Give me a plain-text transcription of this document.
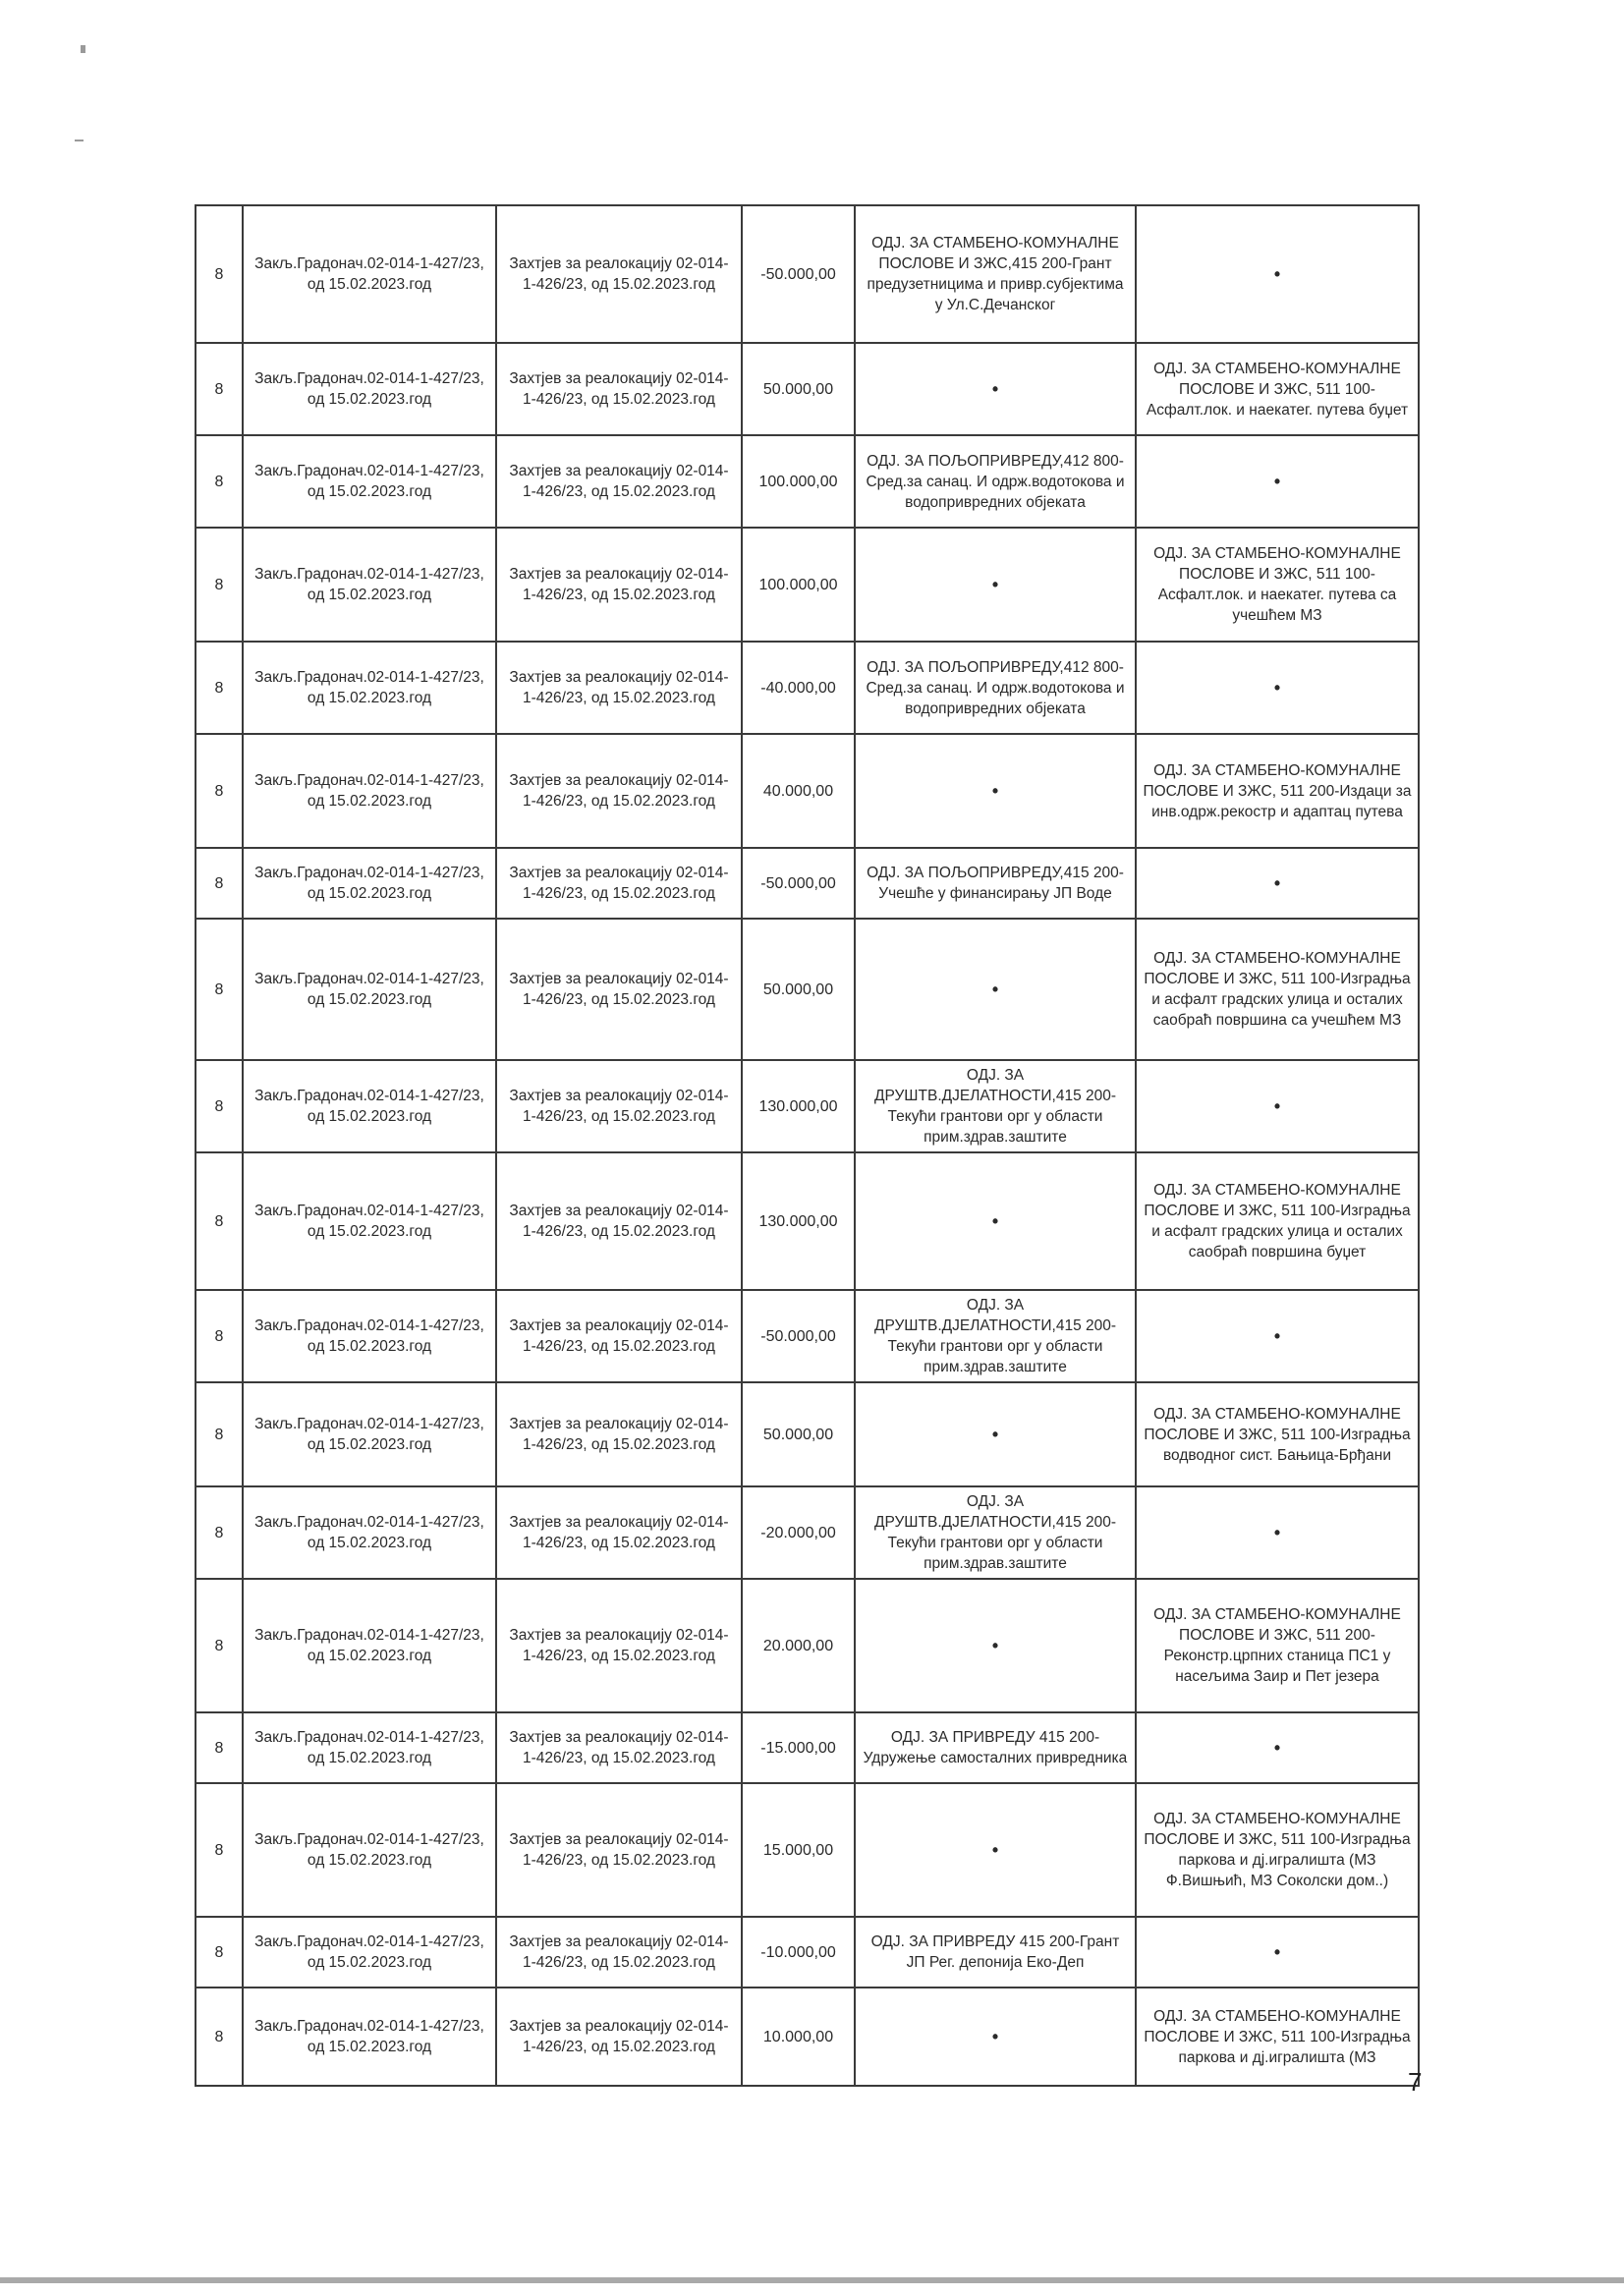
8	Закљ.Градонач.02-014-1-427/23, од 15.02.2023.год	Захтјев за реалокацију 02-014-1-426/23, од 15.02.2023.год	-50.000,00	ОДЈ. ЗА СТАМБЕНО-КОМУНАЛНЕ ПОСЛОВЕ И ЗЖС,415 200-Грант предузетницима и привр.субјектима у Ул.С.Дечанског	•
8	Закљ.Градонач.02-014-1-427/23, од 15.02.2023.год	Захтјев за реалокацију 02-014-1-426/23, од 15.02.2023.год	50.000,00	•	ОДЈ. ЗА СТАМБЕНО-КОМУНАЛНЕ ПОСЛОВЕ И ЗЖС, 511 100-Асфалт.лок. и наекатег. путева буџет
8	Закљ.Градонач.02-014-1-427/23, од 15.02.2023.год	Захтјев за реалокацију 02-014-1-426/23, од 15.02.2023.год	100.000,00	ОДЈ. ЗА ПОЉОПРИВРЕДУ,412 800-Сред.за санац. И одрж.водотокова и водопривредних објеката	•
8	Закљ.Градонач.02-014-1-427/23, од 15.02.2023.год	Захтјев за реалокацију 02-014-1-426/23, од 15.02.2023.год	100.000,00	•	ОДЈ. ЗА СТАМБЕНО-КОМУНАЛНЕ ПОСЛОВЕ И ЗЖС, 511 100-Асфалт.лок. и наекатег. путева са учешћем МЗ
8	Закљ.Градонач.02-014-1-427/23, од 15.02.2023.год	Захтјев за реалокацију 02-014-1-426/23, од 15.02.2023.год	-40.000,00	ОДЈ. ЗА ПОЉОПРИВРЕДУ,412 800-Сред.за санац. И одрж.водотокова и водопривредних објеката	•
8	Закљ.Градонач.02-014-1-427/23, од 15.02.2023.год	Захтјев за реалокацију 02-014-1-426/23, од 15.02.2023.год	40.000,00	•	ОДЈ. ЗА СТАМБЕНО-КОМУНАЛНЕ ПОСЛОВЕ И ЗЖС, 511 200-Издаци за инв.одрж.рекостр и адаптац путева
8	Закљ.Градонач.02-014-1-427/23, од 15.02.2023.год	Захтјев за реалокацију 02-014-1-426/23, од 15.02.2023.год	-50.000,00	ОДЈ. ЗА ПОЉОПРИВРЕДУ,415 200-Учешће у финансирању ЈП Воде	•
8	Закљ.Градонач.02-014-1-427/23, од 15.02.2023.год	Захтјев за реалокацију 02-014-1-426/23, од 15.02.2023.год	50.000,00	•	ОДЈ. ЗА СТАМБЕНО-КОМУНАЛНЕ ПОСЛОВЕ И ЗЖС, 511 100-Изградња и асфалт градских улица и осталих саобраћ површина са учешћем МЗ
8	Закљ.Градонач.02-014-1-427/23, од 15.02.2023.год	Захтјев за реалокацију 02-014-1-426/23, од 15.02.2023.год	130.000,00	ОДЈ. ЗА ДРУШТВ.ДЈЕЛАТНОСТИ,415 200-Текући грантови орг у области прим.здрав.заштите	•
8	Закљ.Градонач.02-014-1-427/23, од 15.02.2023.год	Захтјев за реалокацију 02-014-1-426/23, од 15.02.2023.год	130.000,00	•	ОДЈ. ЗА СТАМБЕНО-КОМУНАЛНЕ ПОСЛОВЕ И ЗЖС, 511 100-Изградња и асфалт градских улица и осталих саобраћ површина буџет
8	Закљ.Градонач.02-014-1-427/23, од 15.02.2023.год	Захтјев за реалокацију 02-014-1-426/23, од 15.02.2023.год	-50.000,00	ОДЈ. ЗА ДРУШТВ.ДЈЕЛАТНОСТИ,415 200-Текући грантови орг у области прим.здрав.заштите	•
8	Закљ.Градонач.02-014-1-427/23, од 15.02.2023.год	Захтјев за реалокацију 02-014-1-426/23, од 15.02.2023.год	50.000,00	•	ОДЈ. ЗА СТАМБЕНО-КОМУНАЛНЕ ПОСЛОВЕ И ЗЖС, 511 100-Изградња водводног сист. Бањица-Брђани
8	Закљ.Градонач.02-014-1-427/23, од 15.02.2023.год	Захтјев за реалокацију 02-014-1-426/23, од 15.02.2023.год	-20.000,00	ОДЈ. ЗА ДРУШТВ.ДЈЕЛАТНОСТИ,415 200-Текући грантови орг у области прим.здрав.заштите	•
8	Закљ.Градонач.02-014-1-427/23, од 15.02.2023.год	Захтјев за реалокацију 02-014-1-426/23, од 15.02.2023.год	20.000,00	•	ОДЈ. ЗА СТАМБЕНО-КОМУНАЛНЕ ПОСЛОВЕ И ЗЖС, 511 200-Реконстр.црпних станица ПС1 у насељима Заир и Пет језера
8	Закљ.Градонач.02-014-1-427/23, од 15.02.2023.год	Захтјев за реалокацију 02-014-1-426/23, од 15.02.2023.год	-15.000,00	ОДЈ. ЗА ПРИВРЕДУ 415 200-Удружење самосталних привредника	•
8	Закљ.Градонач.02-014-1-427/23, од 15.02.2023.год	Захтјев за реалокацију 02-014-1-426/23, од 15.02.2023.год	15.000,00	•	ОДЈ. ЗА СТАМБЕНО-КОМУНАЛНЕ ПОСЛОВЕ И ЗЖС, 511 100-Изградња паркова и дј.игралишта (МЗ Ф.Вишњић, МЗ Соколски дом..)
8	Закљ.Градонач.02-014-1-427/23, од 15.02.2023.год	Захтјев за реалокацију 02-014-1-426/23, од 15.02.2023.год	-10.000,00	ОДЈ. ЗА ПРИВРЕДУ 415 200-Грант ЈП Рег. депонија Еко-Деп	•
8	Закљ.Градонач.02-014-1-427/23, од 15.02.2023.год	Захтјев за реалокацију 02-014-1-426/23, од 15.02.2023.год	10.000,00	•	ОДЈ. ЗА СТАМБЕНО-КОМУНАЛНЕ ПОСЛОВЕ И ЗЖС, 511 100-Изградња паркова и дј.игралишта (МЗ
7
